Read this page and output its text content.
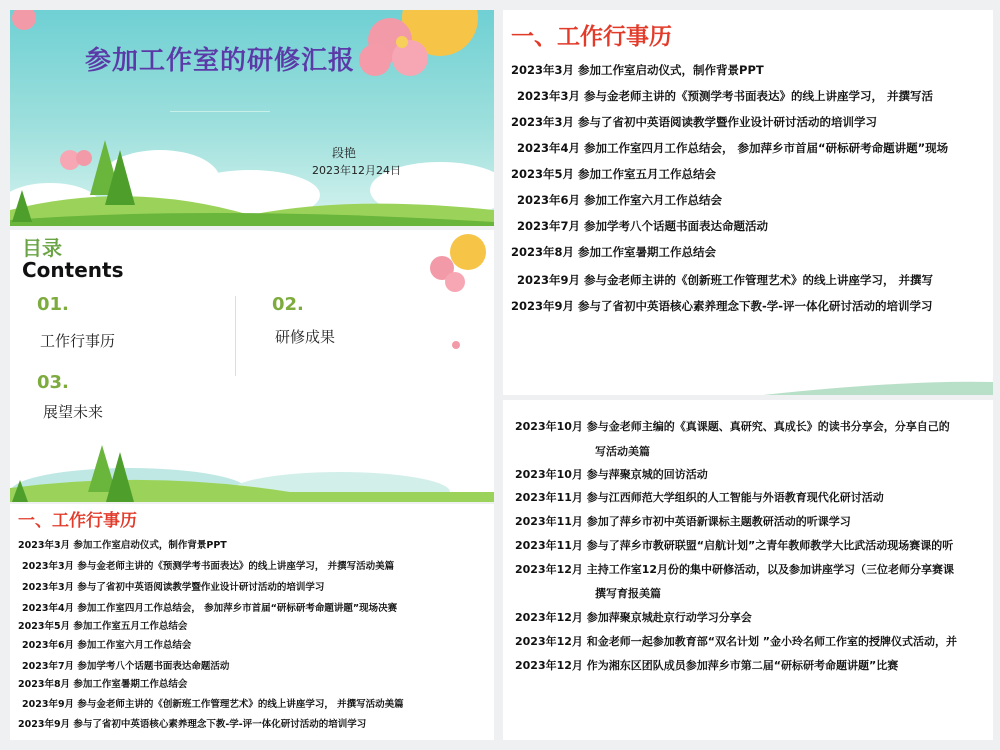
参加工作室的研修汇报
段艳
2023年12月24日
目录
Contents
01.
工作行事历
02.
研修成果
03.
展望未来
一、工作行事历
2023年3月 参加工作室启动仪式，制作背景PPT
2023年3月 参与金老师主讲的《预测学考书面表达》的线上讲座学习， 并撰写活动美篇
2023年3月 参与了省初中英语阅读教学暨作业设计研讨活动的培训学习
2023年4月 参加工作室四月工作总结会， 参加萍乡市首届“研标研考命题讲题”现场决赛
2023年5月 参加工作室五月工作总结会
2023年6月 参加工作室六月工作总结会
2023年7月 参加学考八个话题书面表达命题活动
2023年8月 参加工作室暑期工作总结会
2023年9月 参与金老师主讲的《创新班工作管理艺术》的线上讲座学习， 并撰写活动美篇
2023年9月 参与了省初中英语核心素养理念下教-学-评一体化研讨活动的培训学习
一、工作行事历
2023年3月 参加工作室启动仪式，制作背景PPT
2023年3月 参与金老师主讲的《预测学考书面表达》的线上讲座学习， 并撰写活
2023年3月 参与了省初中英语阅读教学暨作业设计研讨活动的培训学习
2023年4月 参加工作室四月工作总结会， 参加萍乡市首届“研标研考命题讲题”现场
2023年5月 参加工作室五月工作总结会
2023年6月 参加工作室六月工作总结会
2023年7月 参加学考八个话题书面表达命题活动
2023年8月 参加工作室暑期工作总结会
2023年9月 参与金老师主讲的《创新班工作管理艺术》的线上讲座学习， 并撰写
2023年9月 参与了省初中英语核心素养理念下教-学-评一体化研讨活动的培训学习
2023年10月 参与金老师主编的《真课题、真研究、真成长》的读书分享会，分享自己的
写活动美篇
2023年10月 参与萍聚京城的回访活动
2023年11月 参与江西师范大学组织的人工智能与外语教育现代化研讨活动
2023年11月 参加了萍乡市初中英语新课标主题教研活动的听课学习
2023年11月 参与了萍乡市教研联盟“启航计划”之青年教师教学大比武活动现场赛课的听
2023年12月 主持工作室12月份的集中研修活动，以及参加讲座学习（三位老师分享赛课
撰写育报美篇
2023年12月 参加萍聚京城赴京行动学习分享会
2023年12月 和金老师一起参加教育部“双名计划 ”金小玲名师工作室的授牌仪式活动，并
2023年12月 作为湘东区团队成员参加萍乡市第二届“研标研考命题讲题”比赛
